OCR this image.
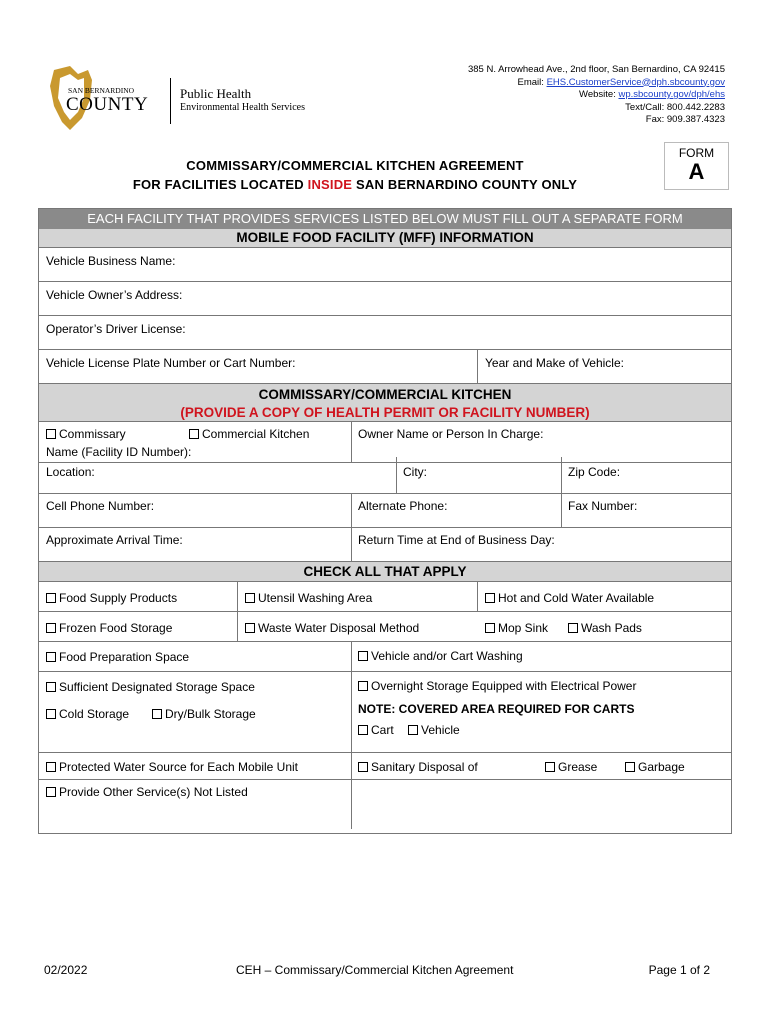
SAN BERNARDINO
COUNTY
Public Health
Environmental Health Services
385 N. Arrowhead Ave., 2nd floor, San Bernardino, CA 92415
Email: EHS.CustomerService@dph.sbcounty.gov
Website: wp.sbcounty.gov/dph/ehs
Text/Call: 800.442.2283
Fax: 909.387.4323
FORM
A
COMMISSARY/COMMERCIAL KITCHEN AGREEMENT
FOR FACILITIES LOCATED INSIDE SAN BERNARDINO COUNTY ONLY
EACH FACILITY THAT PROVIDES SERVICES LISTED BELOW MUST FILL OUT A SEPARATE FORM
MOBILE FOOD FACILITY (MFF) INFORMATION
Vehicle Business Name:
Vehicle Owner’s Address:
Operator’s Driver License:
Vehicle License Plate Number or Cart Number:	Year and Make of Vehicle:
COMMISSARY/COMMERCIAL KITCHEN
(PROVIDE A COPY OF HEALTH PERMIT OR FACILITY NUMBER)
Commissary	Commercial Kitchen
Name (Facility ID Number):
Owner Name or Person In Charge:
Location:	City:	Zip Code:
Cell Phone Number:	Alternate Phone:	Fax Number:
Approximate Arrival Time:	Return Time at End of Business Day:
CHECK ALL THAT APPLY
Food Supply Products	Utensil Washing Area	Hot and Cold Water Available
Frozen Food Storage	Waste Water Disposal Method	Mop Sink	Wash Pads
Food Preparation Space	Vehicle and/or Cart Washing
Sufficient Designated Storage Space	Overnight Storage Equipped with Electrical Power
Cold Storage	Dry/Bulk Storage	NOTE: COVERED AREA REQUIRED FOR CARTS
Cart	Vehicle
Protected Water Source for Each Mobile Unit	Sanitary Disposal of	Grease	Garbage
Provide Other Service(s) Not Listed
02/2022	CEH – Commissary/Commercial Kitchen Agreement	Page 1 of 2
